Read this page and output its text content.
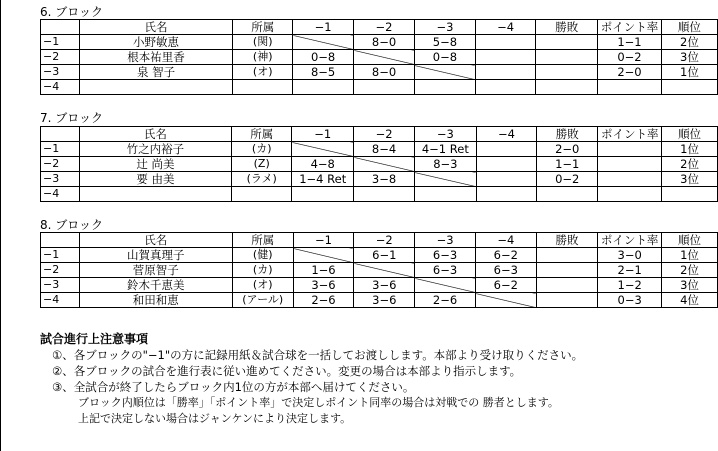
6. ブロック
	氏名	所属	−1	−2	−3	−4	勝敗	ポイント率	順位
−1	小野敏恵	(関)		8−0	5−8			1−1	2位
−2	根本祐里香	(神)	0−8		0−8			0−2	3位
−3	泉 智子	(オ)	8−5	8−0				2−0	1位
−4									
7. ブロック
	氏名	所属	−1	−2	−3	−4	勝敗	ポイント率	順位
−1	竹之内裕子	(カ)		8−4	4−1 Ret		2−0		1位
−2	辻 尚美	(Z)	4−8		8−3		1−1		2位
−3	要 由美	(ラメ)	1−4 Ret	3−8			0−2		3位
−4									
8. ブロック
	氏名	所属	−1	−2	−3	−4	勝敗	ポイント率	順位
−1	山賀真理子	(健)		6−1	6−3	6−2		3−0	1位
−2	菅原智子	(カ)	1−6		6−3	6−3		2−1	2位
−3	鈴木千恵美	(オ)	3−6	3−6		6−2		1−2	3位
−4	和田和恵	(アール)	2−6	3−6	2−6			0−3	4位
試合進行上注意事項
①、各ブロックの"−1"の方に記録用紙＆試合球を一括してお渡しします。本部より受け取りください。
②、各ブロックの試合を進行表に従い進めてください。変更の場合は本部より指示します。
③、全試合が終了したらブロック内1位の方が本部へ届けてください。
ブロック内順位は「勝率」「ポイント率」で決定しポイント同率の場合は対戦での 勝者とします。
上記で決定しない場合はジャンケンにより決定します。
